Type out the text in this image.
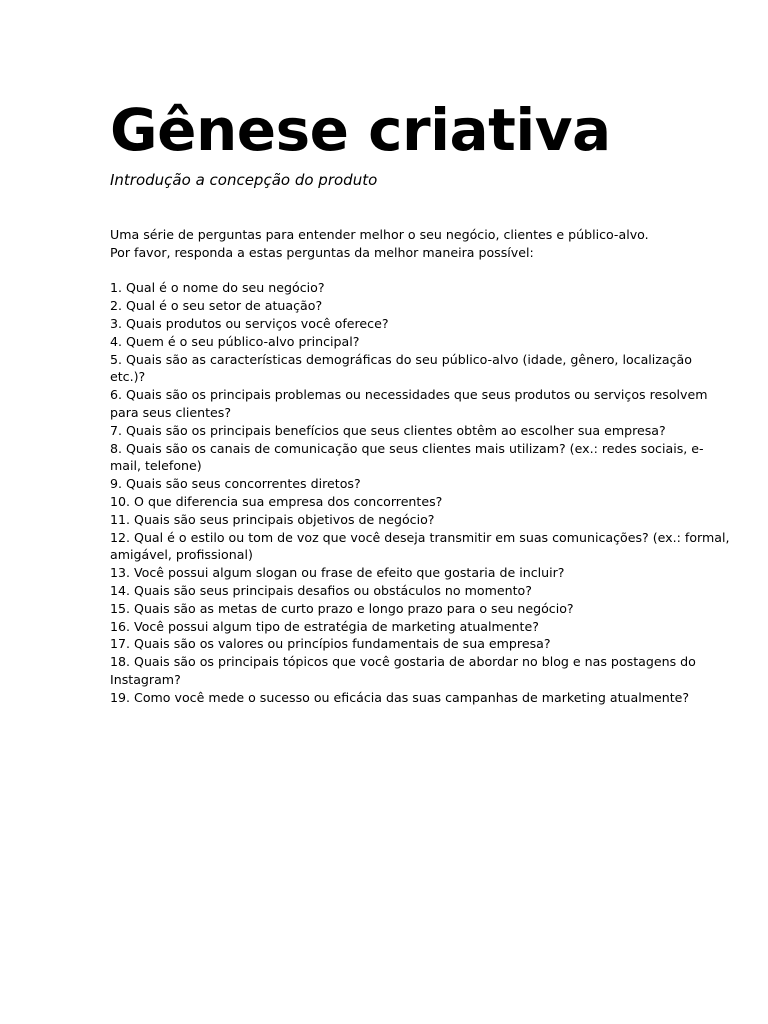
Gênese criativa
Introdução a concepção do produto

Uma série de perguntas para entender melhor o seu negócio, clientes e público-alvo.

Por favor, responda a estas perguntas da melhor maneira possível:

1. Qual é o nome do seu negócio?
2. Qual é o seu setor de atuação?
3. Quais produtos ou serviços você oferece?
4. Quem é o seu público-alvo principal?
5. Quais são as características demográficas do seu público-alvo (idade, gênero, localização etc.)?
6. Quais são os principais problemas ou necessidades que seus produtos ou serviços resolvem para seus clientes?
7. Quais são os principais benefícios que seus clientes obtêm ao escolher sua empresa?
8. Quais são os canais de comunicação que seus clientes mais utilizam? (ex.: redes sociais, e-mail, telefone)
9. Quais são seus concorrentes diretos?
10. O que diferencia sua empresa dos concorrentes?
11. Quais são seus principais objetivos de negócio?
12. Qual é o estilo ou tom de voz que você deseja transmitir em suas comunicações? (ex.: formal, amigável, profissional)
13. Você possui algum slogan ou frase de efeito que gostaria de incluir?
14. Quais são seus principais desafios ou obstáculos no momento?
15. Quais são as metas de curto prazo e longo prazo para o seu negócio?
16. Você possui algum tipo de estratégia de marketing atualmente?
17. Quais são os valores ou princípios fundamentais de sua empresa?
18. Quais são os principais tópicos que você gostaria de abordar no blog e nas postagens do Instagram?
19. Como você mede o sucesso ou eficácia das suas campanhas de marketing atualmente?
